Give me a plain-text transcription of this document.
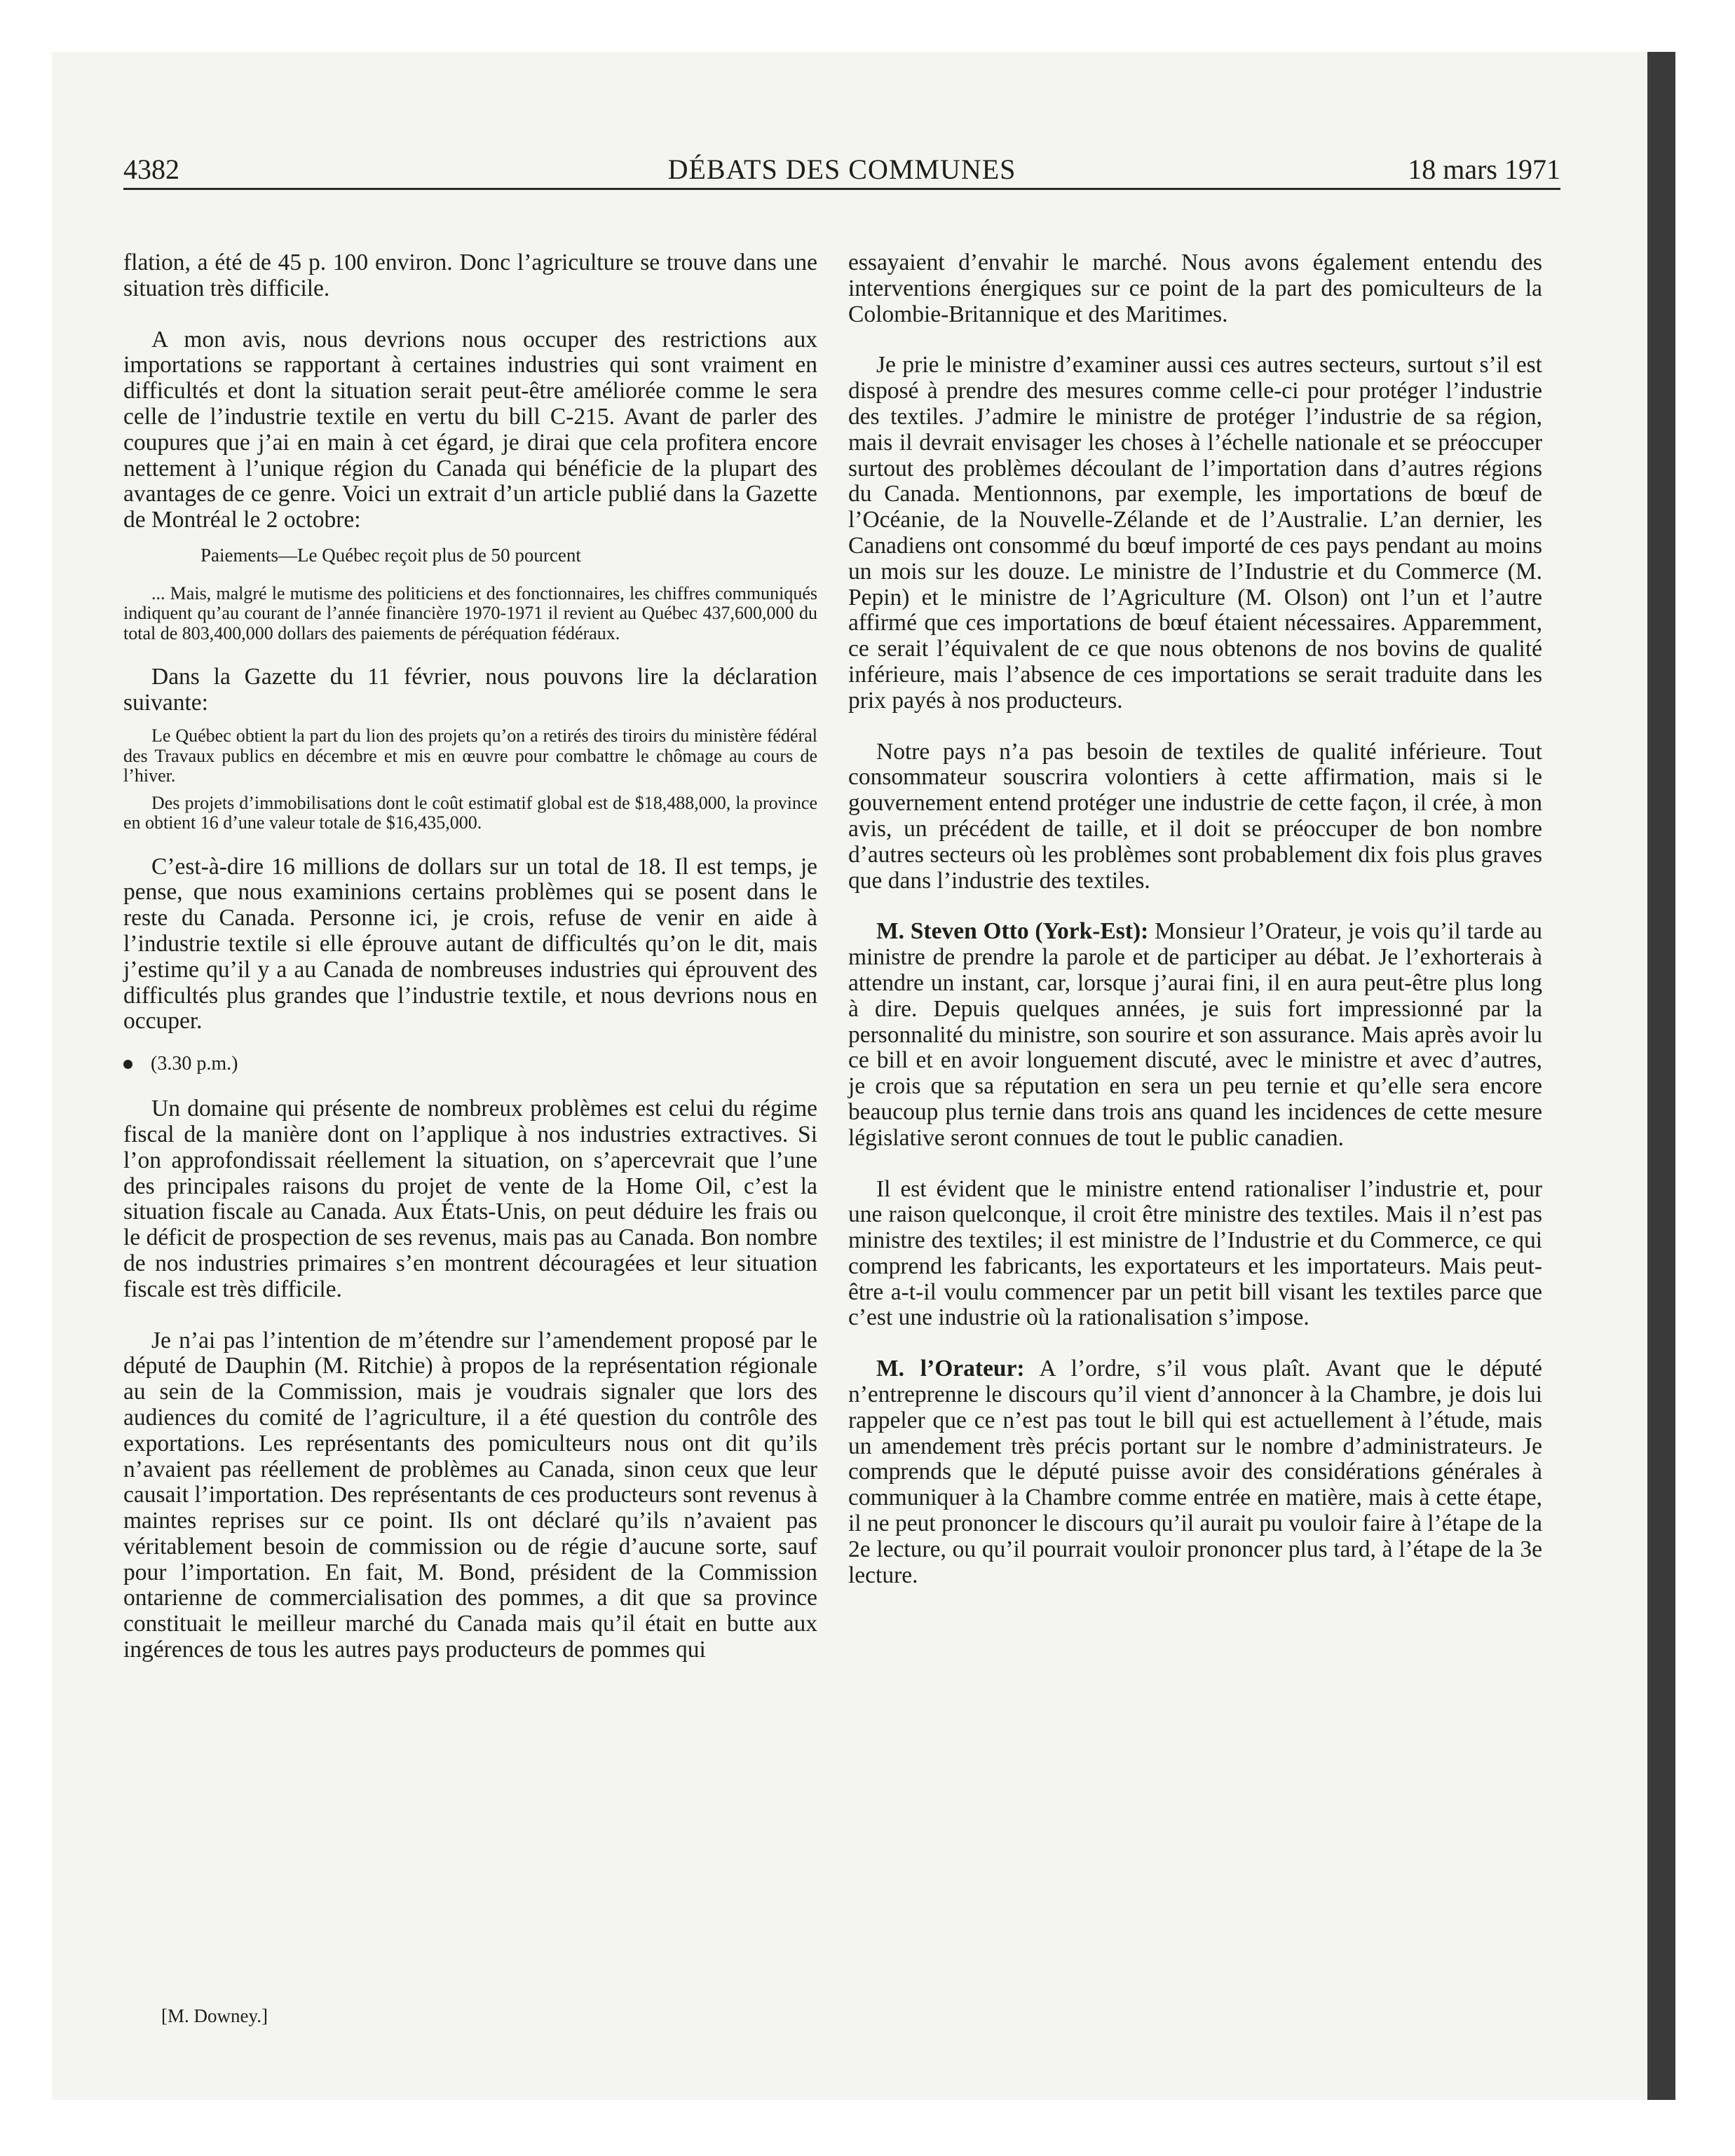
4382	DÉBATS DES COMMUNES	18 mars 1971

flation, a été de 45 p. 100 environ. Donc l’agriculture se trouve dans une situation très difficile.

A mon avis, nous devrions nous occuper des restrictions aux importations se rapportant à certaines industries qui sont vraiment en difficultés et dont la situation serait peut-être améliorée comme le sera celle de l’industrie textile en vertu du bill C-215. Avant de parler des coupures que j’ai en main à cet égard, je dirai que cela profitera encore nettement à l’unique région du Canada qui bénéficie de la plupart des avantages de ce genre. Voici un extrait d’un article publié dans la Gazette de Montréal le 2 octobre:

Paiements—Le Québec reçoit plus de 50 pourcent
... Mais, malgré le mutisme des politiciens et des fonctionnaires, les chiffres communiqués indiquent qu’au courant de l’année financière 1970-1971 il revient au Québec 437,600,000 du total de 803,400,000 dollars des paiements de péréquation fédéraux.

Dans la Gazette du 11 février, nous pouvons lire la déclaration suivante:

Le Québec obtient la part du lion des projets qu’on a retirés des tiroirs du ministère fédéral des Travaux publics en décembre et mis en œuvre pour combattre le chômage au cours de l’hiver.
Des projets d’immobilisations dont le coût estimatif global est de $18,488,000, la province en obtient 16 d’une valeur totale de $16,435,000.

C’est-à-dire 16 millions de dollars sur un total de 18. Il est temps, je pense, que nous examinions certains problèmes qui se posent dans le reste du Canada. Personne ici, je crois, refuse de venir en aide à l’industrie textile si elle éprouve autant de difficultés qu’on le dit, mais j’estime qu’il y a au Canada de nombreuses industries qui éprouvent des difficultés plus grandes que l’industrie textile, et nous devrions nous en occuper.

(3.30 p.m.)

Un domaine qui présente de nombreux problèmes est celui du régime fiscal de la manière dont on l’applique à nos industries extractives. Si l’on approfondissait réellement la situation, on s’apercevrait que l’une des principales raisons du projet de vente de la Home Oil, c’est la situation fiscale au Canada. Aux États-Unis, on peut déduire les frais ou le déficit de prospection de ses revenus, mais pas au Canada. Bon nombre de nos industries primaires s’en montrent découragées et leur situation fiscale est très difficile.

Je n’ai pas l’intention de m’étendre sur l’amendement proposé par le député de Dauphin (M. Ritchie) à propos de la représentation régionale au sein de la Commission, mais je voudrais signaler que lors des audiences du comité de l’agriculture, il a été question du contrôle des exportations. Les représentants des pomiculteurs nous ont dit qu’ils n’avaient pas réellement de problèmes au Canada, sinon ceux que leur causait l’importation. Des représentants de ces producteurs sont revenus à maintes reprises sur ce point. Ils ont déclaré qu’ils n’avaient pas véritablement besoin de commission ou de régie d’aucune sorte, sauf pour l’importation. En fait, M. Bond, président de la Commission ontarienne de commercialisation des pommes, a dit que sa province constituait le meilleur marché du Canada mais qu’il était en butte aux ingérences de tous les autres pays producteurs de pommes qui

essayaient d’envahir le marché. Nous avons également entendu des interventions énergiques sur ce point de la part des pomiculteurs de la Colombie-Britannique et des Maritimes.

Je prie le ministre d’examiner aussi ces autres secteurs, surtout s’il est disposé à prendre des mesures comme celle-ci pour protéger l’industrie des textiles. J’admire le ministre de protéger l’industrie de sa région, mais il devrait envisager les choses à l’échelle nationale et se préoccuper surtout des problèmes découlant de l’importation dans d’autres régions du Canada. Mentionnons, par exemple, les importations de bœuf de l’Océanie, de la Nouvelle-Zélande et de l’Australie. L’an dernier, les Canadiens ont consommé du bœuf importé de ces pays pendant au moins un mois sur les douze. Le ministre de l’Industrie et du Commerce (M. Pepin) et le ministre de l’Agriculture (M. Olson) ont l’un et l’autre affirmé que ces importations de bœuf étaient nécessaires. Apparemment, ce serait l’équivalent de ce que nous obtenons de nos bovins de qualité inférieure, mais l’absence de ces importations se serait traduite dans les prix payés à nos producteurs.

Notre pays n’a pas besoin de textiles de qualité inférieure. Tout consommateur souscrira volontiers à cette affirmation, mais si le gouvernement entend protéger une industrie de cette façon, il crée, à mon avis, un précédent de taille, et il doit se préoccuper de bon nombre d’autres secteurs où les problèmes sont probablement dix fois plus graves que dans l’industrie des textiles.

M. Steven Otto (York-Est): Monsieur l’Orateur, je vois qu’il tarde au ministre de prendre la parole et de participer au débat. Je l’exhorterais à attendre un instant, car, lorsque j’aurai fini, il en aura peut-être plus long à dire. Depuis quelques années, je suis fort impressionné par la personnalité du ministre, son sourire et son assurance. Mais après avoir lu ce bill et en avoir longuement discuté, avec le ministre et avec d’autres, je crois que sa réputation en sera un peu ternie et qu’elle sera encore beaucoup plus ternie dans trois ans quand les incidences de cette mesure législative seront connues de tout le public canadien.

Il est évident que le ministre entend rationaliser l’industrie et, pour une raison quelconque, il croit être ministre des textiles. Mais il n’est pas ministre des textiles; il est ministre de l’Industrie et du Commerce, ce qui comprend les fabricants, les exportateurs et les importateurs. Mais peut-être a-t-il voulu commencer par un petit bill visant les textiles parce que c’est une industrie où la rationalisation s’impose.

M. l’Orateur: A l’ordre, s’il vous plaît. Avant que le député n’entreprenne le discours qu’il vient d’annoncer à la Chambre, je dois lui rappeler que ce n’est pas tout le bill qui est actuellement à l’étude, mais un amendement très précis portant sur le nombre d’administrateurs. Je comprends que le député puisse avoir des considérations générales à communiquer à la Chambre comme entrée en matière, mais à cette étape, il ne peut prononcer le discours qu’il aurait pu vouloir faire à l’étape de la 2e lecture, ou qu’il pourrait vouloir prononcer plus tard, à l’étape de la 3e lecture.

[M. Downey.]
